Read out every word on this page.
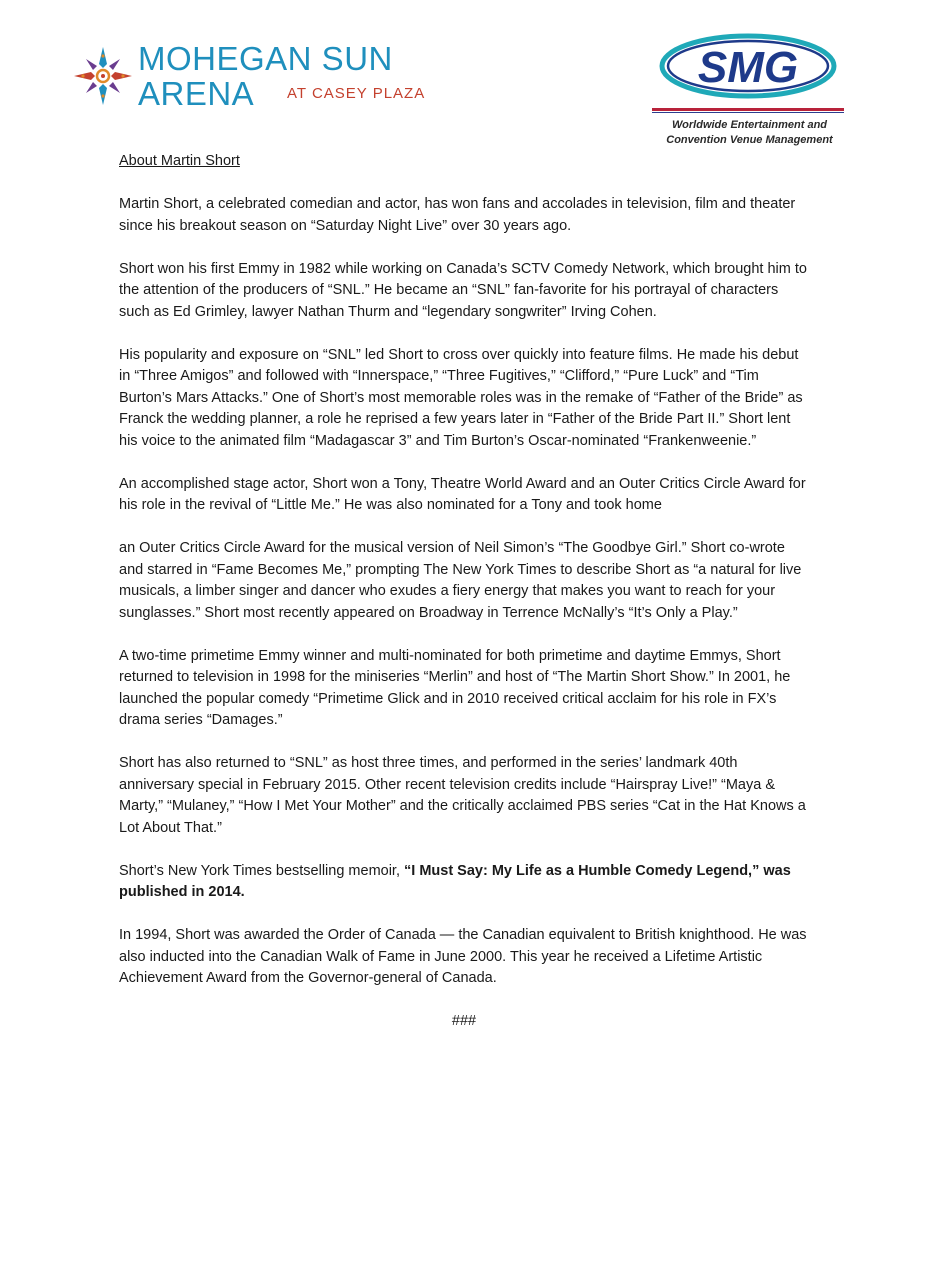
MOHEGAN SUN
ARENA AT CASEY PLAZA
SMG
Worldwide Entertainment and
Convention Venue Management

About Martin Short

Martin Short, a celebrated comedian and actor, has won fans and accolades in television, film and theater since his breakout season on “Saturday Night Live” over 30 years ago.

Short won his first Emmy in 1982 while working on Canada’s SCTV Comedy Network, which brought him to the attention of the producers of “SNL.” He became an “SNL” fan-favorite for his portrayal of characters such as Ed Grimley, lawyer Nathan Thurm and “legendary songwriter” Irving Cohen.

His popularity and exposure on “SNL” led Short to cross over quickly into feature films. He made his debut in “Three Amigos” and followed with “Innerspace,” “Three Fugitives,” “Clifford,” “Pure Luck” and “Tim Burton’s Mars Attacks.” One of Short’s most memorable roles was in the remake of “Father of the Bride” as Franck the wedding planner, a role he reprised a few years later in “Father of the Bride Part II.” Short lent his voice to the animated film “Madagascar 3” and Tim Burton’s Oscar-nominated “Frankenweenie.”

An accomplished stage actor, Short won a Tony, Theatre World Award and an Outer Critics Circle Award for his role in the revival of “Little Me.” He was also nominated for a Tony and took home

an Outer Critics Circle Award for the musical version of Neil Simon’s “The Goodbye Girl.” Short co-wrote and starred in “Fame Becomes Me,” prompting The New York Times to describe Short as “a natural for live musicals, a limber singer and dancer who exudes a fiery energy that makes you want to reach for your sunglasses.” Short most recently appeared on Broadway in Terrence McNally’s “It’s Only a Play.”

A two-time primetime Emmy winner and multi-nominated for both primetime and daytime Emmys, Short returned to television in 1998 for the miniseries “Merlin” and host of “The Martin Short Show.” In 2001, he launched the popular comedy “Primetime Glick and in 2010 received critical acclaim for his role in FX’s drama series “Damages.”

Short has also returned to “SNL” as host three times, and performed in the series’ landmark 40th anniversary special in February 2015. Other recent television credits include “Hairspray Live!” “Maya & Marty,” “Mulaney,” “How I Met Your Mother” and the critically acclaimed PBS series “Cat in the Hat Knows a Lot About That.”

Short’s New York Times bestselling memoir, “I Must Say: My Life as a Humble Comedy Legend,” was published in 2014.

In 1994, Short was awarded the Order of Canada — the Canadian equivalent to British knighthood. He was also inducted into the Canadian Walk of Fame in June 2000. This year he received a Lifetime Artistic Achievement Award from the Governor-general of Canada.

###
